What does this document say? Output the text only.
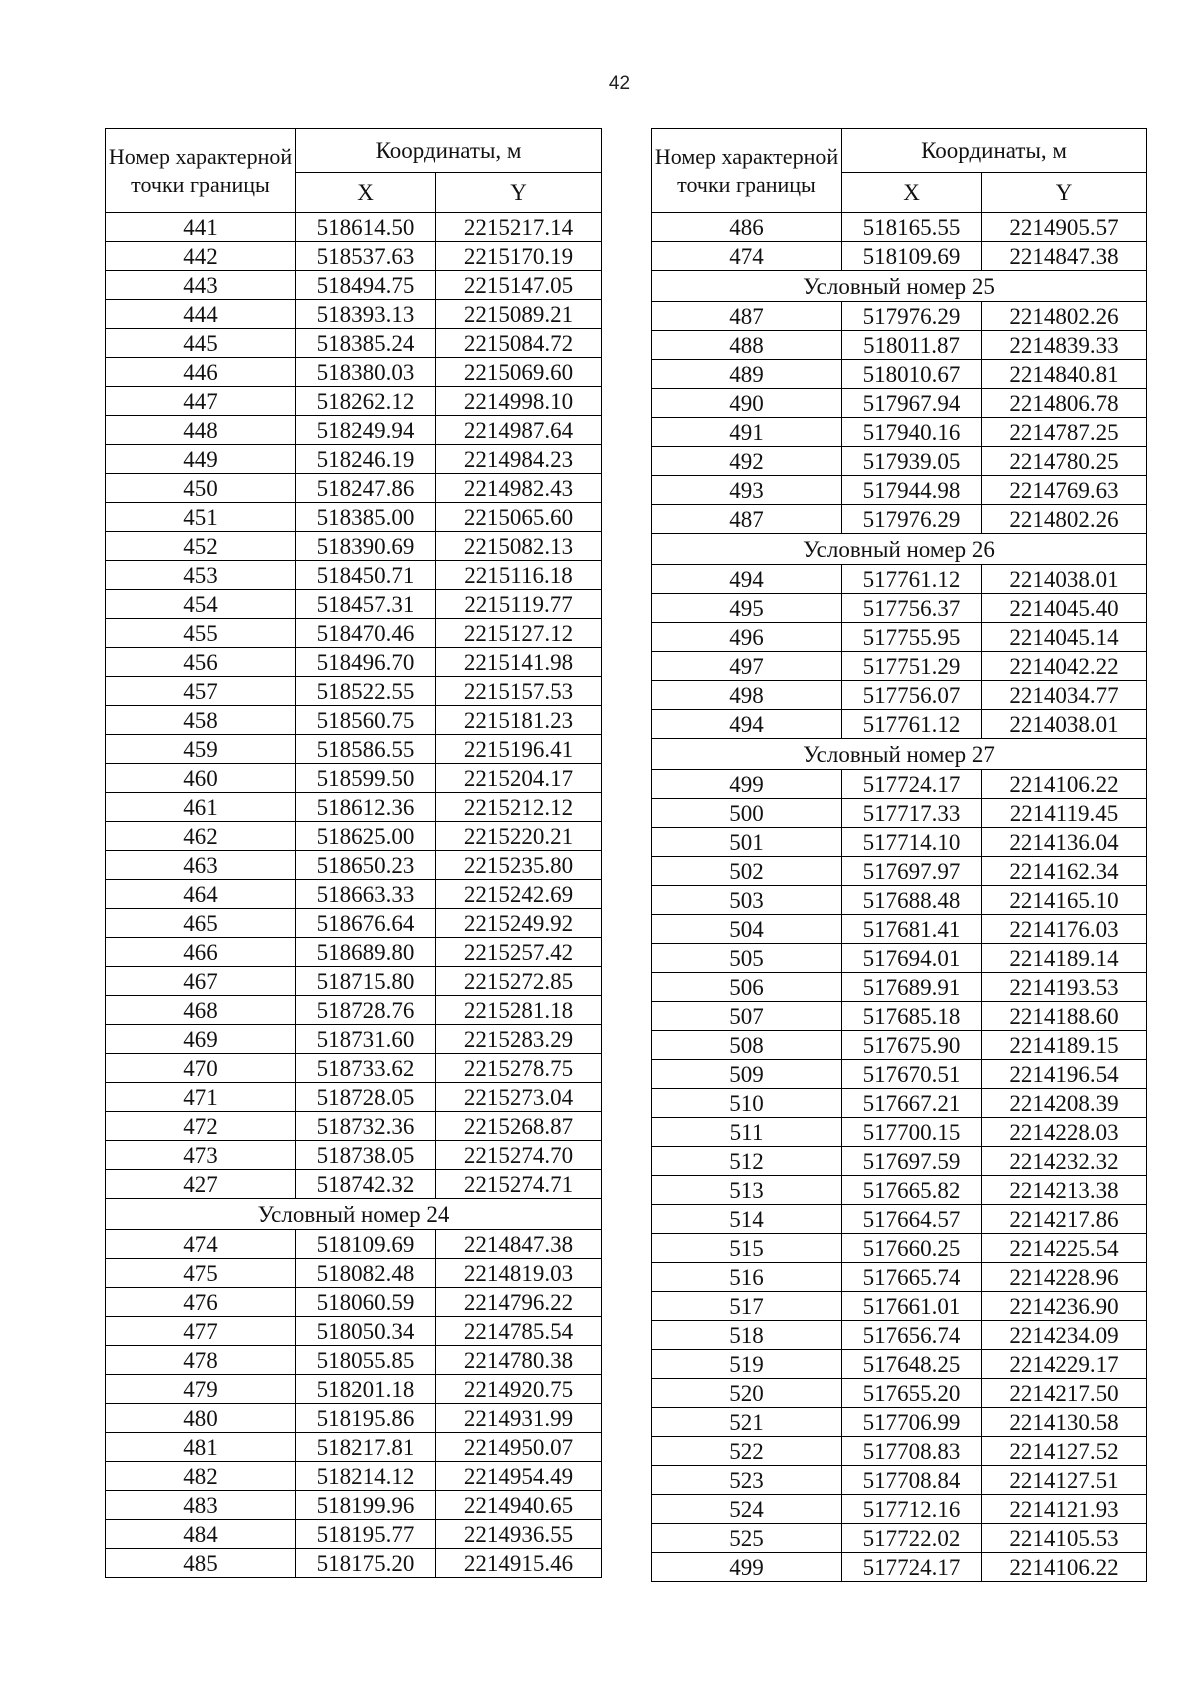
42
Номер характерной точки границы	Координаты, м	
	X	Y
441	518614.50	2215217.14
442	518537.63	2215170.19
443	518494.75	2215147.05
444	518393.13	2215089.21
445	518385.24	2215084.72
446	518380.03	2215069.60
447	518262.12	2214998.10
448	518249.94	2214987.64
449	518246.19	2214984.23
450	518247.86	2214982.43
451	518385.00	2215065.60
452	518390.69	2215082.13
453	518450.71	2215116.18
454	518457.31	2215119.77
455	518470.46	2215127.12
456	518496.70	2215141.98
457	518522.55	2215157.53
458	518560.75	2215181.23
459	518586.55	2215196.41
460	518599.50	2215204.17
461	518612.36	2215212.12
462	518625.00	2215220.21
463	518650.23	2215235.80
464	518663.33	2215242.69
465	518676.64	2215249.92
466	518689.80	2215257.42
467	518715.80	2215272.85
468	518728.76	2215281.18
469	518731.60	2215283.29
470	518733.62	2215278.75
471	518728.05	2215273.04
472	518732.36	2215268.87
473	518738.05	2215274.70
427	518742.32	2215274.71
Условный номер 24		
474	518109.69	2214847.38
475	518082.48	2214819.03
476	518060.59	2214796.22
477	518050.34	2214785.54
478	518055.85	2214780.38
479	518201.18	2214920.75
480	518195.86	2214931.99
481	518217.81	2214950.07
482	518214.12	2214954.49
483	518199.96	2214940.65
484	518195.77	2214936.55
485	518175.20	2214915.46
Номер характерной точки границы	Координаты, м	
	X	Y
486	518165.55	2214905.57
474	518109.69	2214847.38
Условный номер 25		
487	517976.29	2214802.26
488	518011.87	2214839.33
489	518010.67	2214840.81
490	517967.94	2214806.78
491	517940.16	2214787.25
492	517939.05	2214780.25
493	517944.98	2214769.63
487	517976.29	2214802.26
Условный номер 26		
494	517761.12	2214038.01
495	517756.37	2214045.40
496	517755.95	2214045.14
497	517751.29	2214042.22
498	517756.07	2214034.77
494	517761.12	2214038.01
Условный номер 27		
499	517724.17	2214106.22
500	517717.33	2214119.45
501	517714.10	2214136.04
502	517697.97	2214162.34
503	517688.48	2214165.10
504	517681.41	2214176.03
505	517694.01	2214189.14
506	517689.91	2214193.53
507	517685.18	2214188.60
508	517675.90	2214189.15
509	517670.51	2214196.54
510	517667.21	2214208.39
511	517700.15	2214228.03
512	517697.59	2214232.32
513	517665.82	2214213.38
514	517664.57	2214217.86
515	517660.25	2214225.54
516	517665.74	2214228.96
517	517661.01	2214236.90
518	517656.74	2214234.09
519	517648.25	2214229.17
520	517655.20	2214217.50
521	517706.99	2214130.58
522	517708.83	2214127.52
523	517708.84	2214127.51
524	517712.16	2214121.93
525	517722.02	2214105.53
499	517724.17	2214106.22
